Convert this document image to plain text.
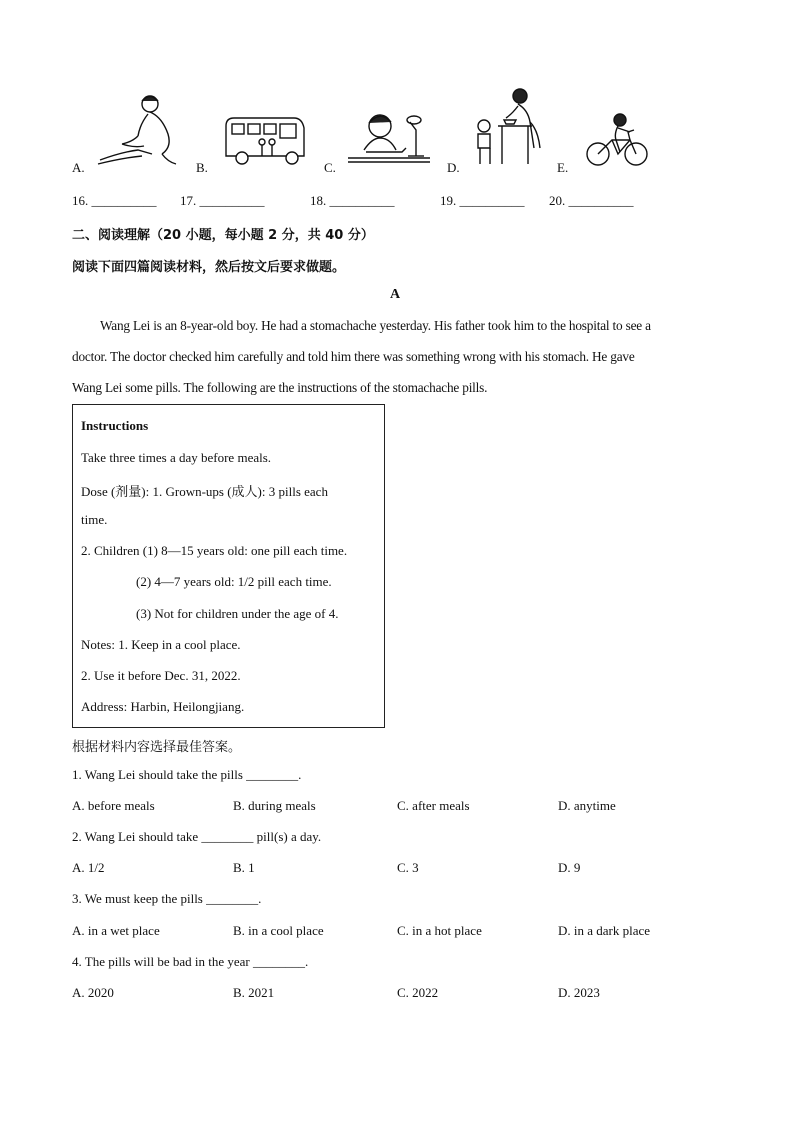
A.	B.	C.	D.	E.
16. __________ 17. __________	18. __________	19. __________ 20. __________
二、阅读理解（20 小题，每小题 2 分，共 40 分）
阅读下面四篇阅读材料，然后按文后要求做题。
A
Wang Lei is an 8-year-old boy. He had a stomachache yesterday. His father took him to the hospital to see a
doctor. The doctor checked him carefully and told him there was something wrong with his stomach. He gave
Wang Lei some pills. The following are the instructions of the stomachache pills.
Instructions
Take three times a day before meals.
Dose (剂量): 1. Grown-ups (成人): 3 pills each
time.
2. Children (1) 8—15 years old: one pill each time.
(2) 4—7 years old: 1/2 pill each time.
(3) Not for children under the age of 4.
Notes: 1. Keep in a cool place.
2. Use it before Dec. 31, 2022.
Address: Harbin, Heilongjiang.
根据材料内容选择最佳答案。
1. Wang Lei should take the pills ________.
A. before meals	B. during meals	C. after meals	D. anytime
2. Wang Lei should take ________ pill(s) a day.
A. 1/2	B. 1	C. 3	D. 9
3. We must keep the pills ________.
A. in a wet place	B. in a cool place	C. in a hot place	D. in a dark place
4. The pills will be bad in the year ________.
A. 2020	B. 2021	C. 2022	D. 2023
